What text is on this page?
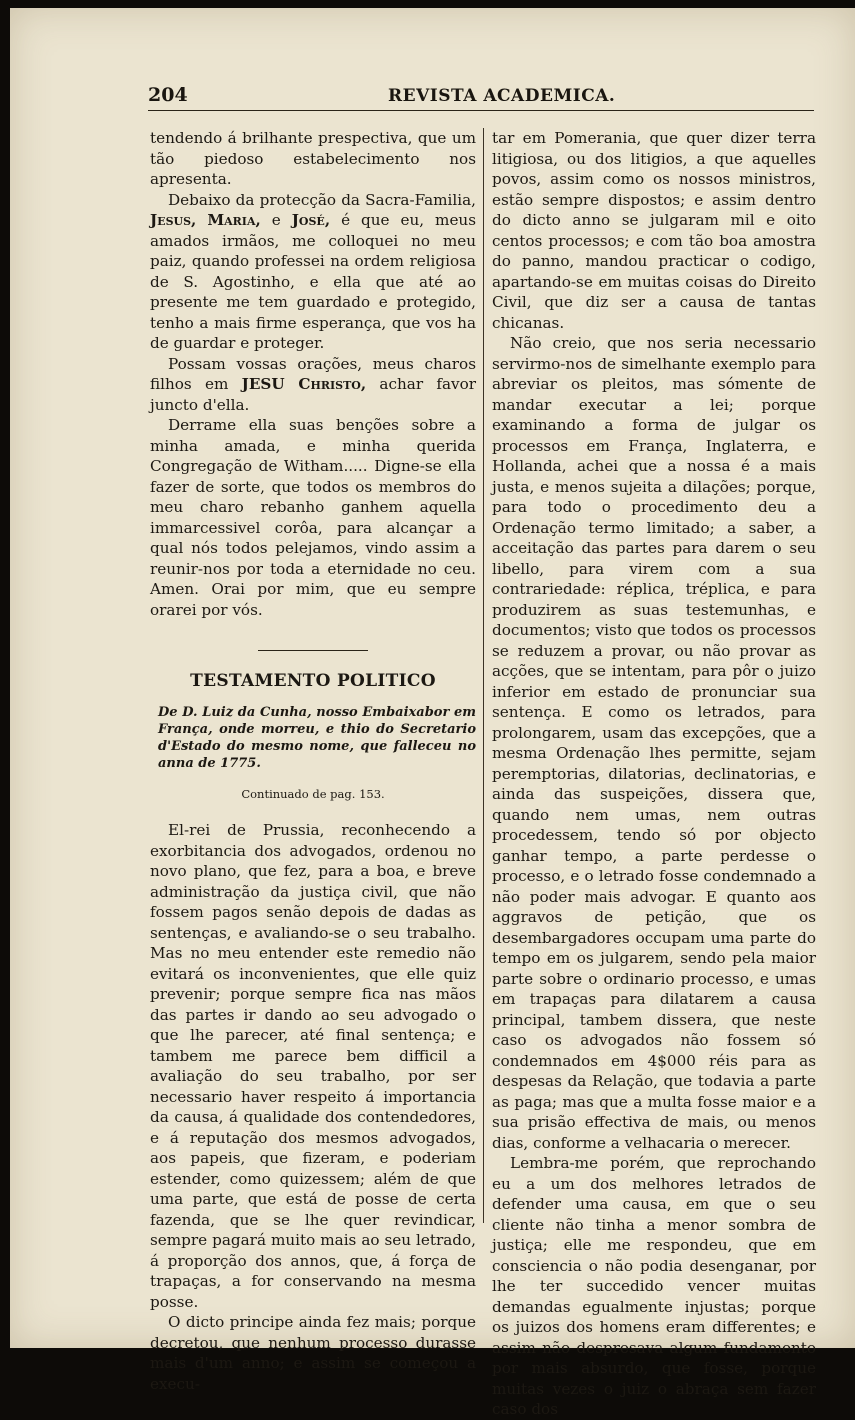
204	REVISTA ACADEMICA.

tendendo á brilhante prespectiva, que um tão piedoso estabelecimento nos apresenta.

Debaixo da protecção da Sacra-Familia, Jesus, Maria, e José, é que eu, meus amados irmãos, me colloquei no meu paiz, quando professei na ordem religiosa de S. Agostinho, e ella que até ao presente me tem guardado e protegido, tenho a mais firme esperança, que vos ha de guardar e proteger.

Possam vossas orações, meus charos filhos em JESU Christo, achar favor juncto d'ella.

Derrame ella suas benções sobre a minha amada, e minha querida Congregação de Witham..... Digne-se ella fazer de sorte, que todos os membros do meu charo rebanho ganhem aquella immarcessivel corôa, para alcançar a qual nós todos pelejamos, vindo assim a reunir-nos por toda a eternidade no ceu. Amen. Orai por mim, que eu sempre orarei por vós.

TESTAMENTO POLITICO

De D. Luiz da Cunha, nosso Embaixabor em França, onde morreu, e thio do Secretario d'Estado do mesmo nome, que falleceu no anna de 1775.

Continuado de pag. 153.

El-rei de Prussia, reconhecendo a exorbitancia dos advogados, ordenou no novo plano, que fez, para a boa, e breve administração da justiça civil, que não fossem pagos senão depois de dadas as sentenças, e avaliando-se o seu trabalho. Mas no meu entender este remedio não evitará os inconvenientes, que elle quiz prevenir; porque sempre fica nas mãos das partes ir dando ao seu advogado o que lhe parecer, até final sentença; e tambem me parece bem difficil a avaliação do seu trabalho, por ser necessario haver respeito á importancia da causa, á qualidade dos contendedores, e á reputação dos mesmos advogados, aos papeis, que fizeram, e poderiam estender, como quizessem; além de que uma parte, que está de posse de certa fazenda, que se lhe quer revindicar, sempre pagará muito mais ao seu letrado, á proporção dos annos, que, á força de trapaças, a for conservando na mesma posse.

O dicto principe ainda fez mais; porque decretou, que nenhum processo durasse mais d'um anno; e assim se começou a execu-

tar em Pomerania, que quer dizer terra litigiosa, ou dos litigios, a que aquelles povos, assim como os nossos ministros, estão sempre dispostos; e assim dentro do dicto anno se julgaram mil e oito centos processos; e com tão boa amostra do panno, mandou practicar o codigo, apartando-se em muitas coisas do Direito Civil, que diz ser a causa de tantas chicanas.

Não creio, que nos seria necessario servirmo-nos de simelhante exemplo para abreviar os pleitos, mas sómente de mandar executar a lei; porque examinando a forma de julgar os processos em França, Inglaterra, e Hollanda, achei que a nossa é a mais justa, e menos sujeita a dilações; porque, para todo o procedimento deu a Ordenação termo limitado; a saber, a acceitação das partes para darem o seu libello, para virem com a sua contrariedade: réplica, tréplica, e para produzirem as suas testemunhas, e documentos; visto que todos os processos se reduzem a provar, ou não provar as acções, que se intentam, para pôr o juizo inferior em estado de pronunciar sua sentença. E como os letrados, para prolongarem, usam das excepções, que a mesma Ordenação lhes permitte, sejam peremptorias, dilatorias, declinatorias, e ainda das suspeições, dissera que, quando nem umas, nem outras procedessem, tendo só por objecto ganhar tempo, a parte perdesse o processo, e o letrado fosse condemnado a não poder mais advogar. E quanto aos aggravos de petição, que os desembargadores occupam uma parte do tempo em os julgarem, sendo pela maior parte sobre o ordinario processo, e umas em trapaças para dilatarem a causa principal, tambem dissera, que neste caso os advogados não fossem só condemnados em 4$000 réis para as despesas da Relação, que todavia a parte as paga; mas que a multa fosse maior e a sua prisão effectiva de mais, ou menos dias, conforme a velhacaria o merecer.

Lembra-me porém, que reprochando eu a um dos melhores letrados de defender uma causa, em que o seu cliente não tinha a menor sombra de justiça; elle me respondeu, que em consciencia o não podia desenganar, por lhe ter succedido vencer muitas demandas egualmente injustas; porque os juizos dos homens eram differentes; e assim não despresava algum fundamento por mais absurdo, que fosse, porque muitas vezes o juiz o abraça sem fazer caso dos
